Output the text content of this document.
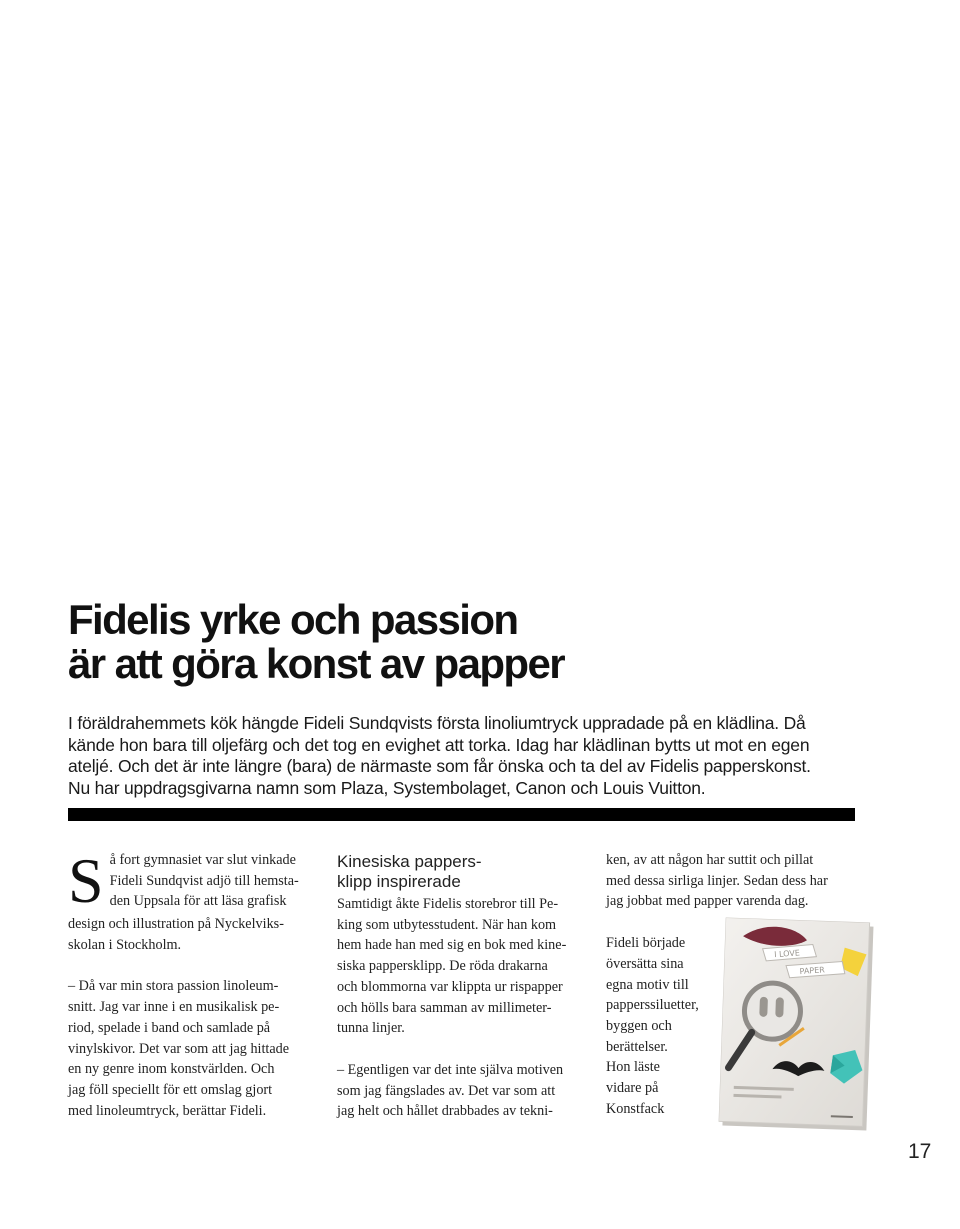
Fidelis yrke och passion
är att göra konst av papper
I föräldrahemmets kök hängde Fideli Sundqvists första linoliumtryck uppradade på en klädlina. Då
kände hon bara till oljefärg och det tog en evighet att torka. Idag har klädlinan bytts ut mot en egen
ateljé. Och det är inte längre (bara) de närmaste som får önska och ta del av Fidelis papperskonst.
Nu har uppdragsgivarna namn som Plaza, Systembolaget, Canon och Louis Vuitton.
S å fort gymnasiet var slut vinkade
Fideli Sundqvist adjö till hemsta-
den Uppsala för att läsa grafisk
design och illustration på Nyckelviks-
skolan i Stockholm.
– Då var min stora passion linoleum-
snitt. Jag var inne i en musikalisk pe-
riod, spelade i band och samlade på
vinylskivor. Det var som att jag hittade
en ny genre inom konstvärlden. Och
jag föll speciellt för ett omslag gjort
med linoleumtryck, berättar Fideli.
Kinesiska pappers-
klipp inspirerade
Samtidigt åkte Fidelis storebror till Pe-
king som utbytesstudent. När han kom
hem hade han med sig en bok med kine-
siska pappersklipp. De röda drakarna
och blommorna var klippta ur rispapper
och hölls bara samman av millimeter-
tunna linjer.
– Egentligen var det inte själva motiven
som jag fängslades av. Det var som att
jag helt och hållet drabbades av tekni-
ken, av att någon har suttit och pillat
med dessa sirliga linjer. Sedan dess har
jag jobbat med papper varenda dag.
Fideli började
översätta sina
egna motiv till
papperssiluetter,
byggen och
berättelser.
Hon läste
vidare på
Konstfack
I LOVE
PAPER
17
